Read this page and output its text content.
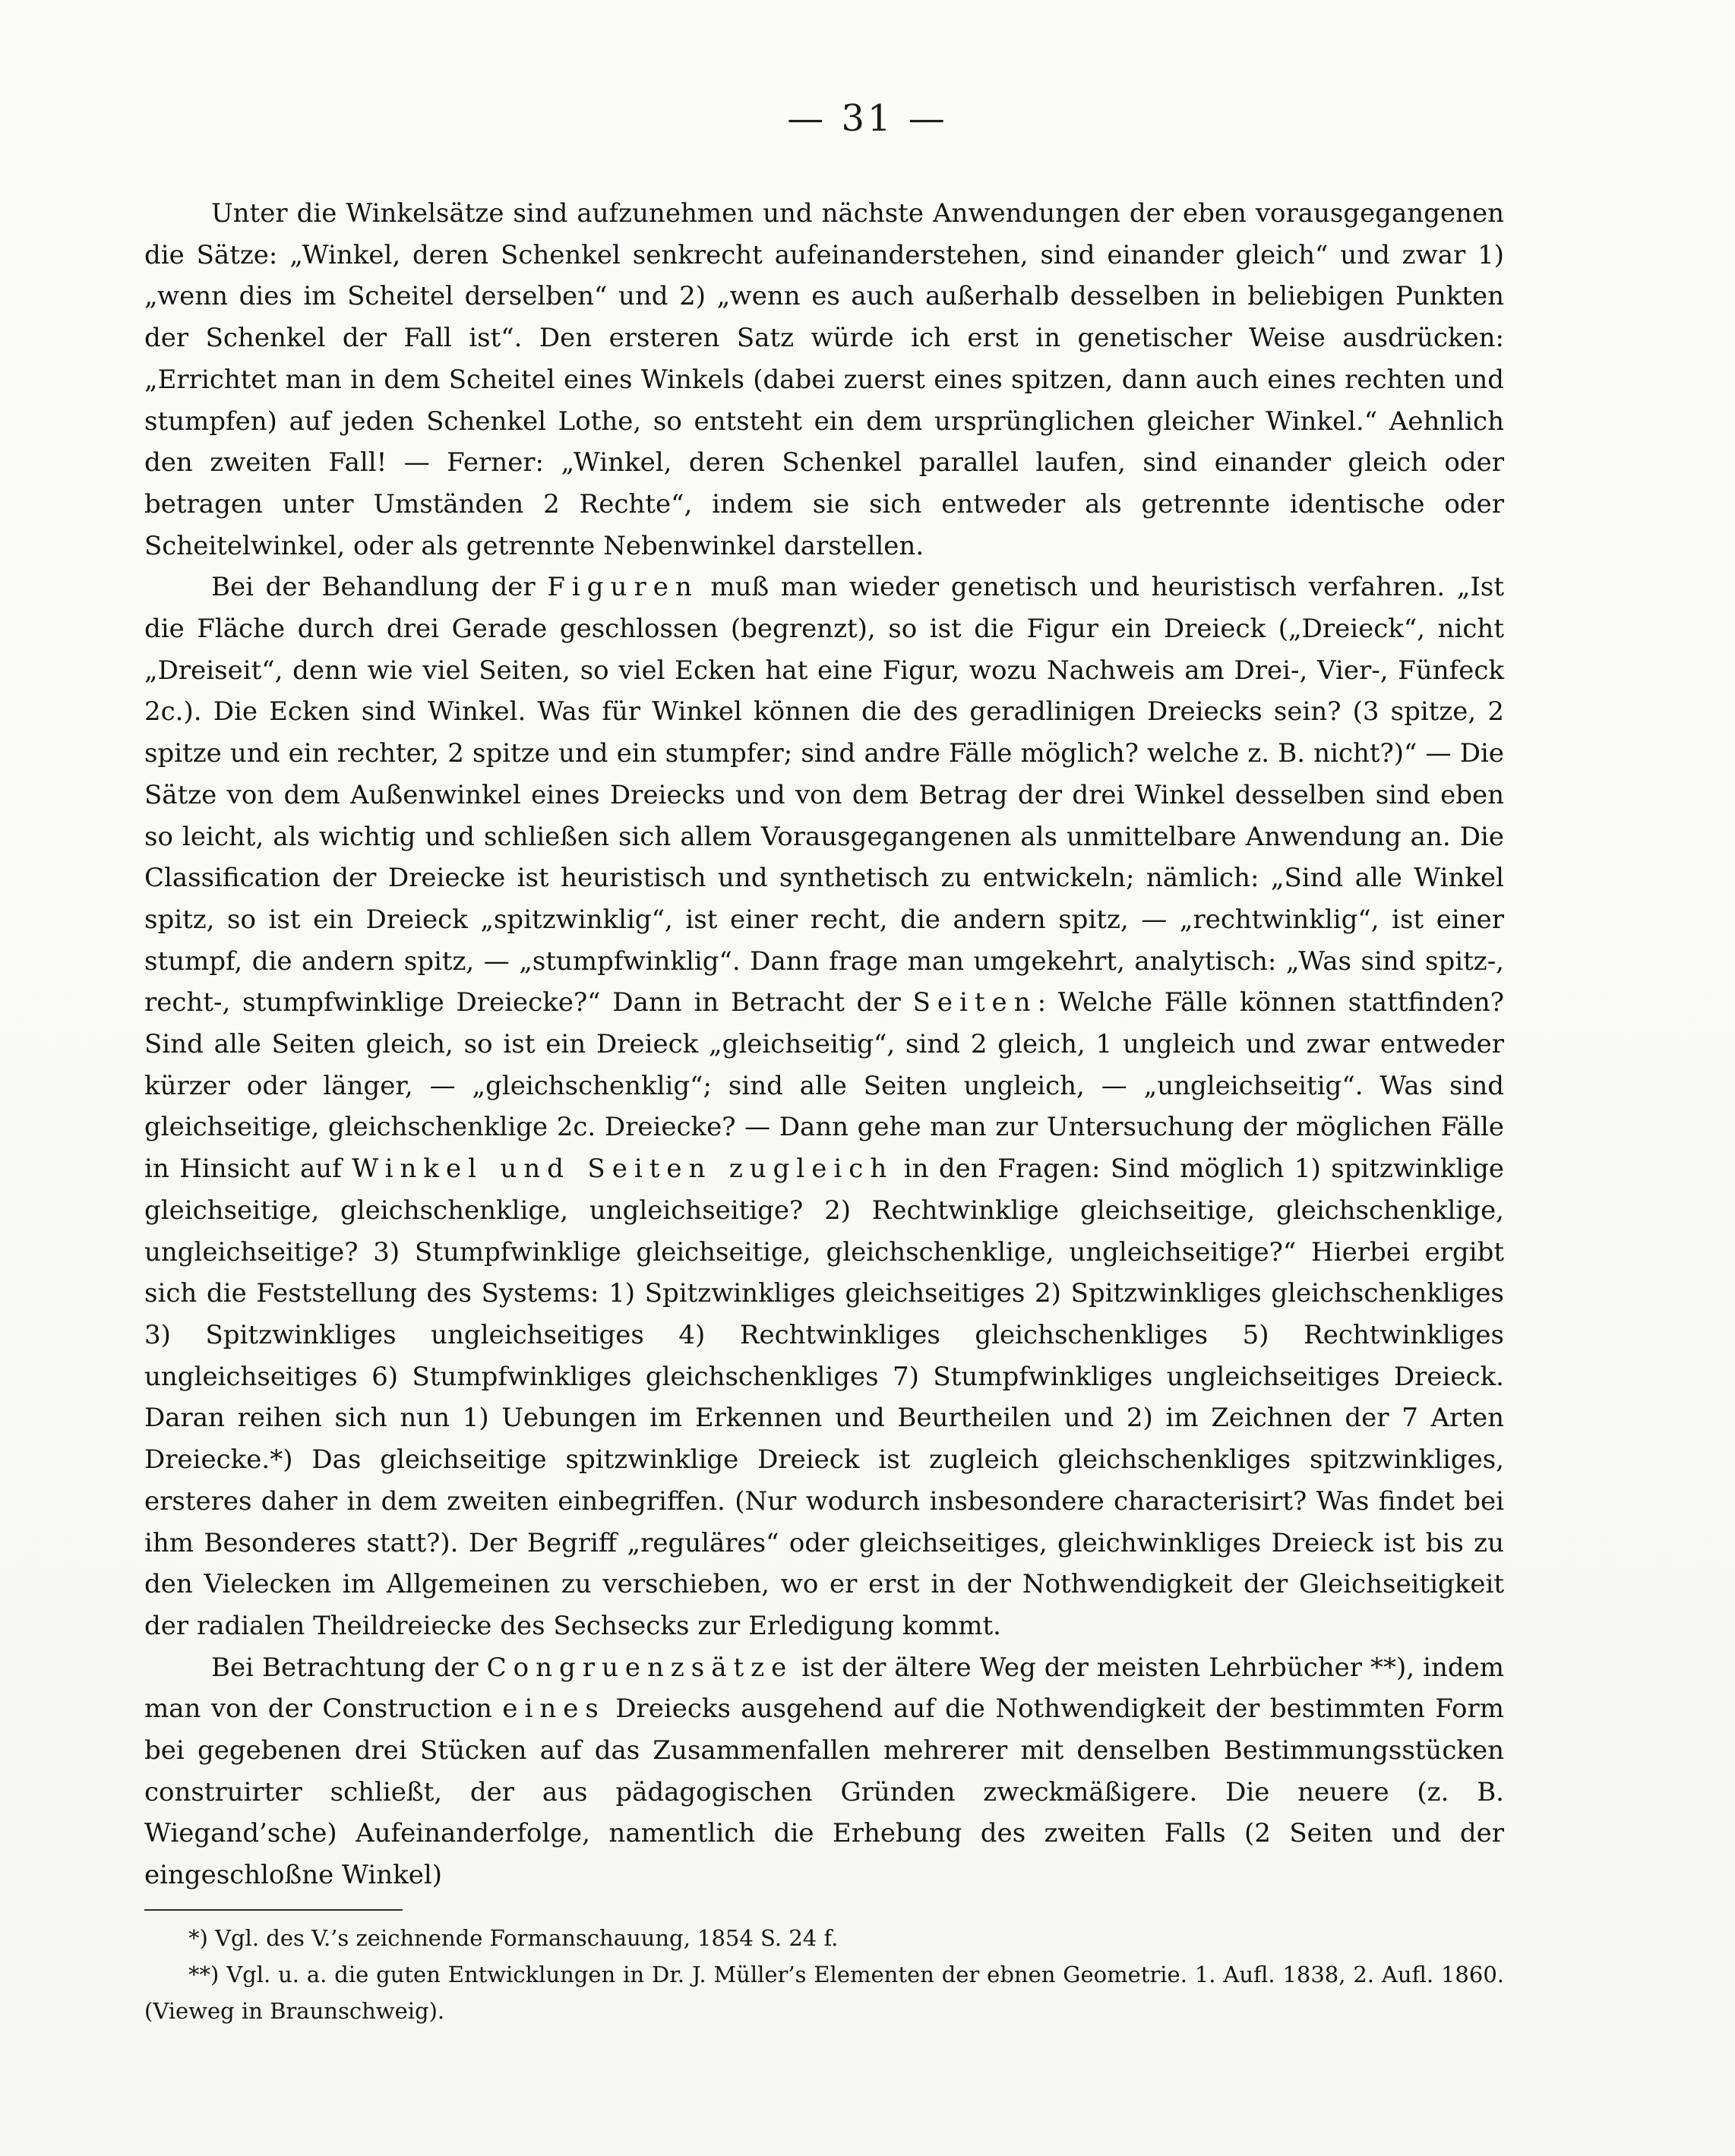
— 31 —

Unter die Winkelsätze sind aufzunehmen und nächste Anwendungen der eben vorausgegangenen die Sätze: „Winkel, deren Schenkel senkrecht aufeinanderstehen, sind einander gleich“ und zwar 1) „wenn dies im Scheitel derselben“ und 2) „wenn es auch außerhalb desselben in beliebigen Punkten der Schenkel der Fall ist“. Den ersteren Satz würde ich erst in genetischer Weise ausdrücken: „Errichtet man in dem Scheitel eines Winkels (dabei zuerst eines spitzen, dann auch eines rechten und stumpfen) auf jeden Schenkel Lothe, so entsteht ein dem ursprünglichen gleicher Winkel.“ Aehnlich den zweiten Fall! — Ferner: „Winkel, deren Schenkel parallel laufen, sind einander gleich oder betragen unter Umständen 2 Rechte“, indem sie sich entweder als getrennte identische oder Scheitelwinkel, oder als getrennte Nebenwinkel darstellen.

Bei der Behandlung der Figuren muß man wieder genetisch und heuristisch verfahren. „Ist die Fläche durch drei Gerade geschlossen (begrenzt), so ist die Figur ein Dreieck („Dreieck“, nicht „Dreiseit“, denn wie viel Seiten, so viel Ecken hat eine Figur, wozu Nachweis am Drei-, Vier-, Fünfeck 2c.). Die Ecken sind Winkel. Was für Winkel können die des geradlinigen Dreiecks sein? (3 spitze, 2 spitze und ein rechter, 2 spitze und ein stumpfer; sind andre Fälle möglich? welche z. B. nicht?)“ — Die Sätze von dem Außenwinkel eines Dreiecks und von dem Betrag der drei Winkel desselben sind eben so leicht, als wichtig und schließen sich allem Vorausgegangenen als unmittelbare Anwendung an. Die Classification der Dreiecke ist heuristisch und synthetisch zu entwickeln; nämlich: „Sind alle Winkel spitz, so ist ein Dreieck „spitzwinklig“, ist einer recht, die andern spitz, — „rechtwinklig“, ist einer stumpf, die andern spitz, — „stumpfwinklig“. Dann frage man umgekehrt, analytisch: „Was sind spitz-, recht-, stumpfwinklige Dreiecke?“ Dann in Betracht der Seiten: Welche Fälle können stattfinden? Sind alle Seiten gleich, so ist ein Dreieck „gleichseitig“, sind 2 gleich, 1 ungleich und zwar entweder kürzer oder länger, — „gleichschenklig“; sind alle Seiten ungleich, — „ungleichseitig“. Was sind gleichseitige, gleichschenklige 2c. Dreiecke? — Dann gehe man zur Untersuchung der möglichen Fälle in Hinsicht auf Winkel und Seiten zugleich in den Fragen: Sind möglich 1) spitzwinklige gleichseitige, gleichschenklige, ungleichseitige? 2) Rechtwinklige gleichseitige, gleichschenklige, ungleichseitige? 3) Stumpfwinklige gleichseitige, gleichschenklige, ungleichseitige?“ Hierbei ergibt sich die Feststellung des Systems: 1) Spitzwinkliges gleichseitiges 2) Spitzwinkliges gleichschenkliges 3) Spitzwinkliges ungleichseitiges 4) Rechtwinkliges gleichschenkliges 5) Rechtwinkliges ungleichseitiges 6) Stumpfwinkliges gleichschenkliges 7) Stumpfwinkliges ungleichseitiges Dreieck. Daran reihen sich nun 1) Uebungen im Erkennen und Beurtheilen und 2) im Zeichnen der 7 Arten Dreiecke.*) Das gleichseitige spitzwinklige Dreieck ist zugleich gleichschenkliges spitzwinkliges, ersteres daher in dem zweiten einbegriffen. (Nur wodurch insbesondere characterisirt? Was findet bei ihm Besonderes statt?). Der Begriff „reguläres“ oder gleichseitiges, gleichwinkliges Dreieck ist bis zu den Vielecken im Allgemeinen zu verschieben, wo er erst in der Nothwendigkeit der Gleichseitigkeit der radialen Theildreiecke des Sechsecks zur Erledigung kommt.

Bei Betrachtung der Congruenzsätze ist der ältere Weg der meisten Lehrbücher **), indem man von der Construction eines Dreiecks ausgehend auf die Nothwendigkeit der bestimmten Form bei gegebenen drei Stücken auf das Zusammenfallen mehrerer mit denselben Bestimmungsstücken construirter schließt, der aus pädagogischen Gründen zweckmäßigere. Die neuere (z. B. Wiegand’sche) Aufeinanderfolge, namentlich die Erhebung des zweiten Falls (2 Seiten und der eingeschloßne Winkel)

*) Vgl. des V.’s zeichnende Formanschauung, 1854 S. 24 f.

**) Vgl. u. a. die guten Entwicklungen in Dr. J. Müller’s Elementen der ebnen Geometrie. 1. Aufl. 1838, 2. Aufl. 1860. (Vieweg in Braunschweig).
